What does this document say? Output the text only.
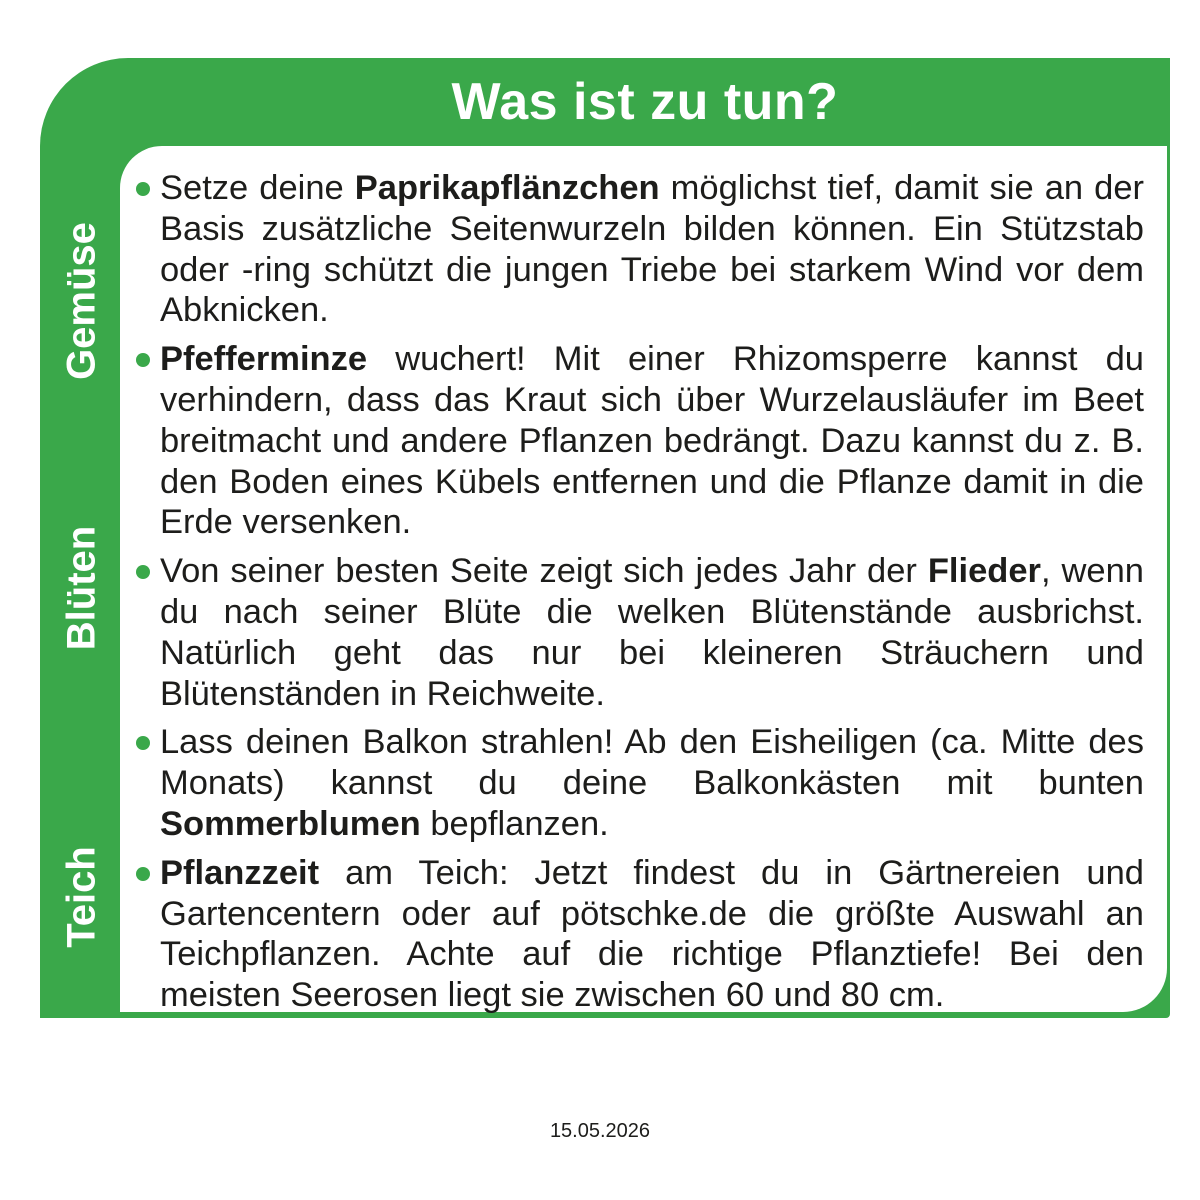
Was ist zu tun?
Gemüse
Blüten
Teich
Setze deine Paprikapflänzchen möglichst tief, damit sie an der Basis zusätzliche Seitenwurzeln bilden können. Ein Stützstab oder -ring schützt die jungen Triebe bei starkem Wind vor dem Abknicken.
Pfefferminze wuchert! Mit einer Rhizomsperre kannst du verhindern, dass das Kraut sich über Wurzelausläufer im Beet breitmacht und andere Pflanzen bedrängt. Dazu kannst du z. B. den Boden eines Kübels entfernen und die Pflanze damit in die Erde versenken.
Von seiner besten Seite zeigt sich jedes Jahr der Flieder, wenn du nach seiner Blüte die welken Blütenstände ausbrichst. Natürlich geht das nur bei kleineren Sträuchern und Blütenständen in Reichweite.
Lass deinen Balkon strahlen! Ab den Eisheiligen (ca. Mitte des Monats) kannst du deine Balkonkästen mit bunten Sommerblumen bepflanzen.
Pflanzzeit am Teich: Jetzt findest du in Gärtnereien und Gartencentern oder auf pötschke.de die größte Auswahl an Teichpflanzen. Achte auf die richtige Pflanztiefe! Bei den meisten Seerosen liegt sie zwischen 60 und 80 cm.
15.05.2026
